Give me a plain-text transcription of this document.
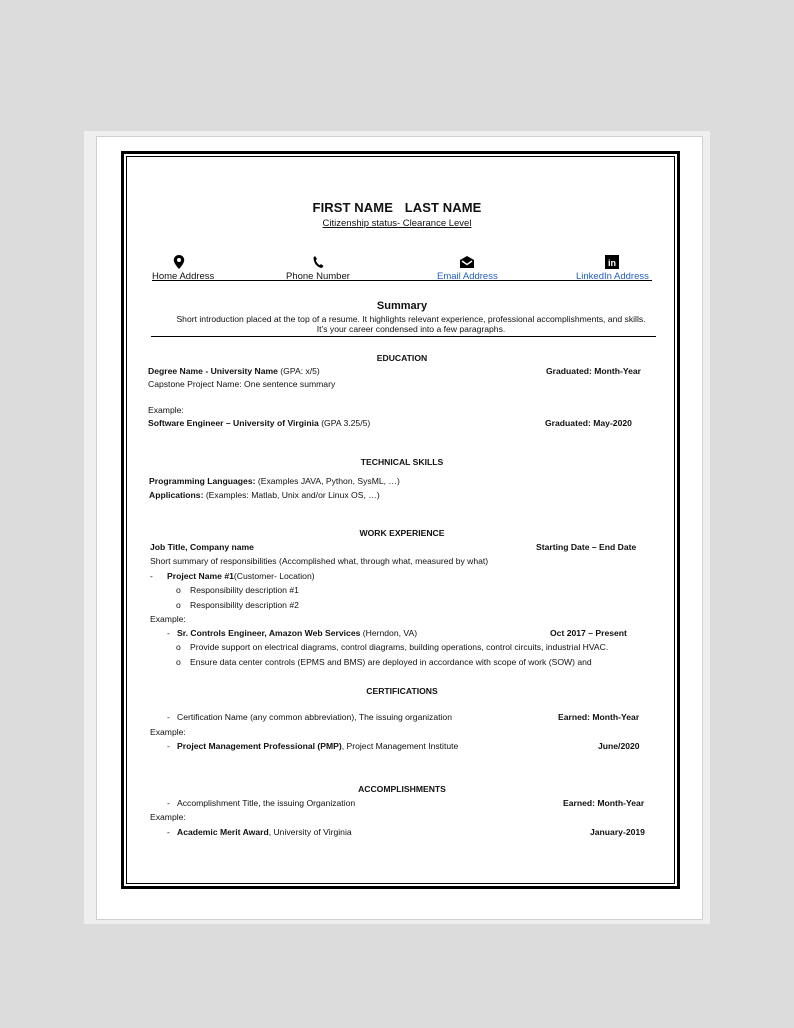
FIRST NAME LAST NAME
Citizenship status- Clearance Level
in
Home Address	Phone Number	Email Address	LinkedIn Address
Summary
Short introduction placed at the top of a resume. It highlights relevant experience, professional accomplishments, and skills. It’s your career condensed into a few paragraphs.
EDUCATION
Degree Name - University Name (GPA: x/5)	Graduated: Month-Year
Capstone Project Name: One sentence summary
Example:
Software Engineer – University of Virginia (GPA 3.25/5)	Graduated: May-2020
TECHNICAL SKILLS
Programming Languages: (Examples JAVA, Python, SysML, …)
Applications: (Examples: Matlab, Unix and/or Linux OS, …)
WORK EXPERIENCE
Job Title, Company name	Starting Date – End Date
Short summary of responsibilities (Accomplished what, through what, measured by what)
- Project Name #1(Customer- Location)
o Responsibility description #1
o Responsibility description #2
Example:
- Sr. Controls Engineer, Amazon Web Services (Herndon, VA)	Oct 2017 – Present
o Provide support on electrical diagrams, control diagrams, building operations, control circuits, industrial HVAC.
o Ensure data center controls (EPMS and BMS) are deployed in accordance with scope of work (SOW) and
CERTIFICATIONS
- Certification Name (any common abbreviation), The issuing organization	Earned: Month-Year
Example:
- Project Management Professional (PMP), Project Management Institute	June/2020
ACCOMPLISHMENTS
- Accomplishment Title, the issuing Organization	Earned: Month-Year
Example:
- Academic Merit Award, University of Virginia	January-2019
